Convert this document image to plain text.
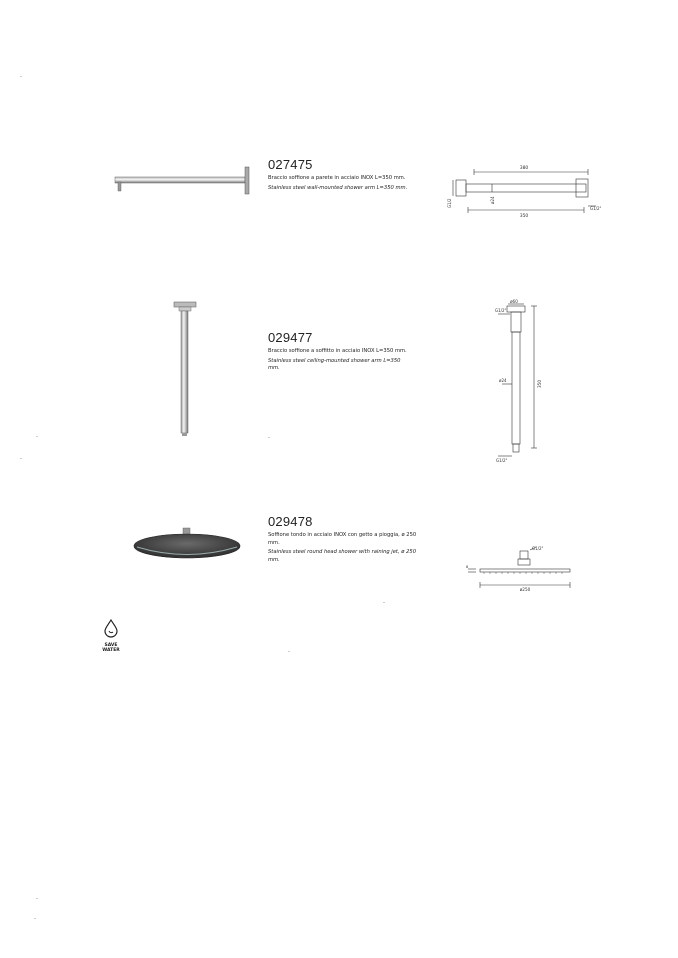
027475
Braccio soffione a parete in acciaio INOX L=350 mm.
Stainless steel wall-mounted shower arm L=350 mm.
380
350
ø24
G1/2
G1/2"
029477
Braccio soffione a soffitto in acciaio INOX L=350 mm.
Stainless steel ceiling-mounted shower arm L=350 mm.
ø60
G1/2"
ø24	350
G1/2"
029478
Soffione tondo in acciaio INOX con getto a pioggia, ø 250 mm.
Stainless steel round head shower with raining jet, ø 250 mm.
G1/2"
8
ø250
SAVE
WATER
